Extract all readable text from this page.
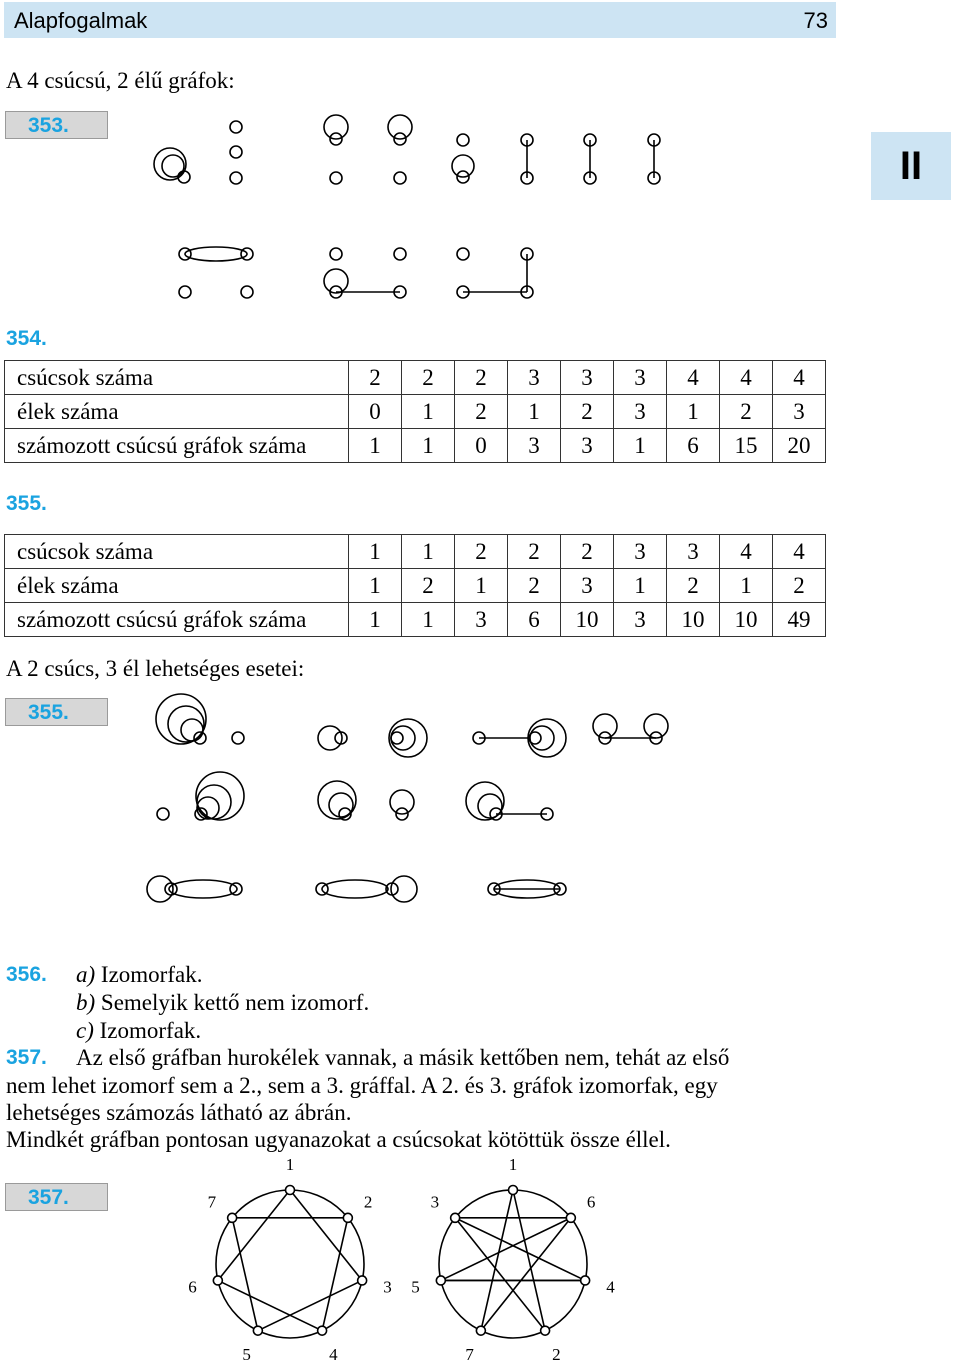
Alapfogalmak	73
II
A 4 csúcsú, 2 élű gráfok:
353.
354.
csúcsok száma	2	2	2	3	3	3	4	4	4
élek száma	0	1	2	1	2	3	1	2	3
számozott csúcsú gráfok száma	1	1	0	3	3	1	6	15	20
355.
csúcsok száma	1	1	2	2	2	3	3	4	4
élek száma	1	2	1	2	3	1	2	1	2
számozott csúcsú gráfok száma	1	1	3	6	10	3	10	10	49
A 2 csúcs, 3 él lehetséges esetei:
355.
356. a) Izomorfak.
b) Semelyik kettő nem izomorf.
c) Izomorfak.
357. Az első gráfban hurokélek vannak, a másik kettőben nem, tehát az első
nem lehet izomorf sem a 2., sem a 3. gráffal. A 2. és 3. gráfok izomorfak, egy
lehetséges számozás látható az ábrán.
Mindkét gráfban pontosan ugyanazokat a csúcsokat kötöttük össze éllel.
357.
1
2
3
4
5
6
7
1
6
4
2
7
5
3
